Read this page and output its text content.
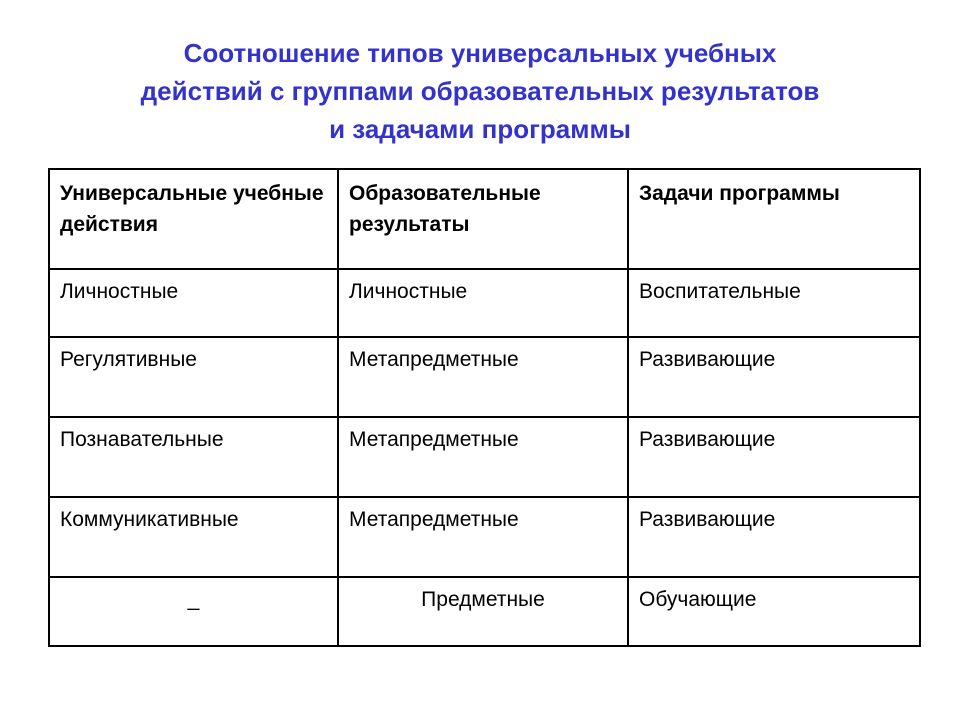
Соотношение типов универсальных учебных
действий с группами образовательных результатов
и задачами программы
Универсальные учебные действия	Образовательные результаты	Задачи программы
Личностные	Личностные	Воспитательные
Регулятивные	Метапредметные	Развивающие
Познавательные	Метапредметные	Развивающие
Коммуникативные	Метапредметные	Развивающие
_	Предметные	Обучающие
